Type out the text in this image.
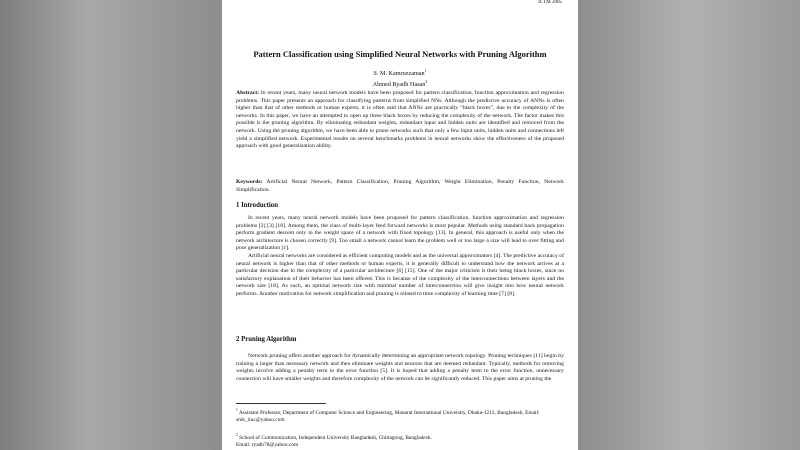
ICTM 2005
Pattern Classification using Simplified Neural Networks with Pruning Algorithm
S. M. Kamruzzaman$^1$
Ahmed Ryadh Hasan$^2$
Abstract: In recent years, many neural network models have been proposed for pattern classification, function approximation and regression problems. This paper presents an approach for classifying patterns from simplified NNs. Although the predictive accuracy of ANNs is often higher than that of other methods or human experts, it is often said that ANNs are practically “black boxes”, due to the complexity of the networks. In this paper, we have an attempted to open up these black boxes by reducing the complexity of the network. The factor makes this possible is the pruning algorithm. By eliminating redundant weights, redundant input and hidden units are identified and removed from the network. Using the pruning algorithm, we have been able to prune networks such that only a few input units, hidden units and connections left yield a simplified network. Experimental results on several benchmarks problems in neural networks show the effectiveness of the proposed approach with good generalization ability.
Keywords: Artificial Neural Network, Pattern Classification, Pruning Algorithm, Weight Elimination, Penalty Function, Network Simplification.
1 Introduction

In recent years, many neural network models have been proposed for pattern classification, function approximation and regression problems [2] [3] [18]. Among them, the class of multi-layer feed forward networks is most popular. Methods using standard back propagation perform gradient descent only in the weight space of a network with fixed topology [13]. In general, this approach is useful only when the network architecture is chosen correctly [9]. Too small a network cannot learn the problem well or too large a size will lead to over fitting and poor generalization [1].

Artificial neural networks are considered as efficient computing models and as the universal approximators [4]. The predictive accuracy of neural network is higher than that of other methods or human experts, it is generally difficult to understand how the network arrives at a particular decision due to the complexity of a particular architecture [6] [15]. One of the major criticism is their being black boxes, since no satisfactory explanation of their behavior has been offered. This is because of the complexity of the interconnections between layers and the network size [18]. As such, an optimal network size with minimal number of interconnection will give insight into how neural network performs. Another motivation for network simplification and pruning is related to time complexity of learning time [7] [8].

2 Pruning Algorithm

Network pruning offers another approach for dynamically determining an appropriate network topology. Pruning techniques [11] begin by training a larger than necessary network and then eliminate weights and neurons that are deemed redundant. Typically, methods for removing weights involve adding a penalty term to the error function [5]. It is hoped that adding a penalty term to the error function, unnecessary connection will have smaller weights and therefore complexity of the network can be significantly reduced. This paper aims at pruning the

$^1$ Assistant Professor, Department of Computer Science and Engineering, Manarat International University, Dhaka-1212, Bangladesh, Email: smk_iiuc@yahoo.com
$^2$ School of Communication, Independent University Bangladesh, Chittagong, Bangladesh.
Email: ryadh78@yahoo.com
